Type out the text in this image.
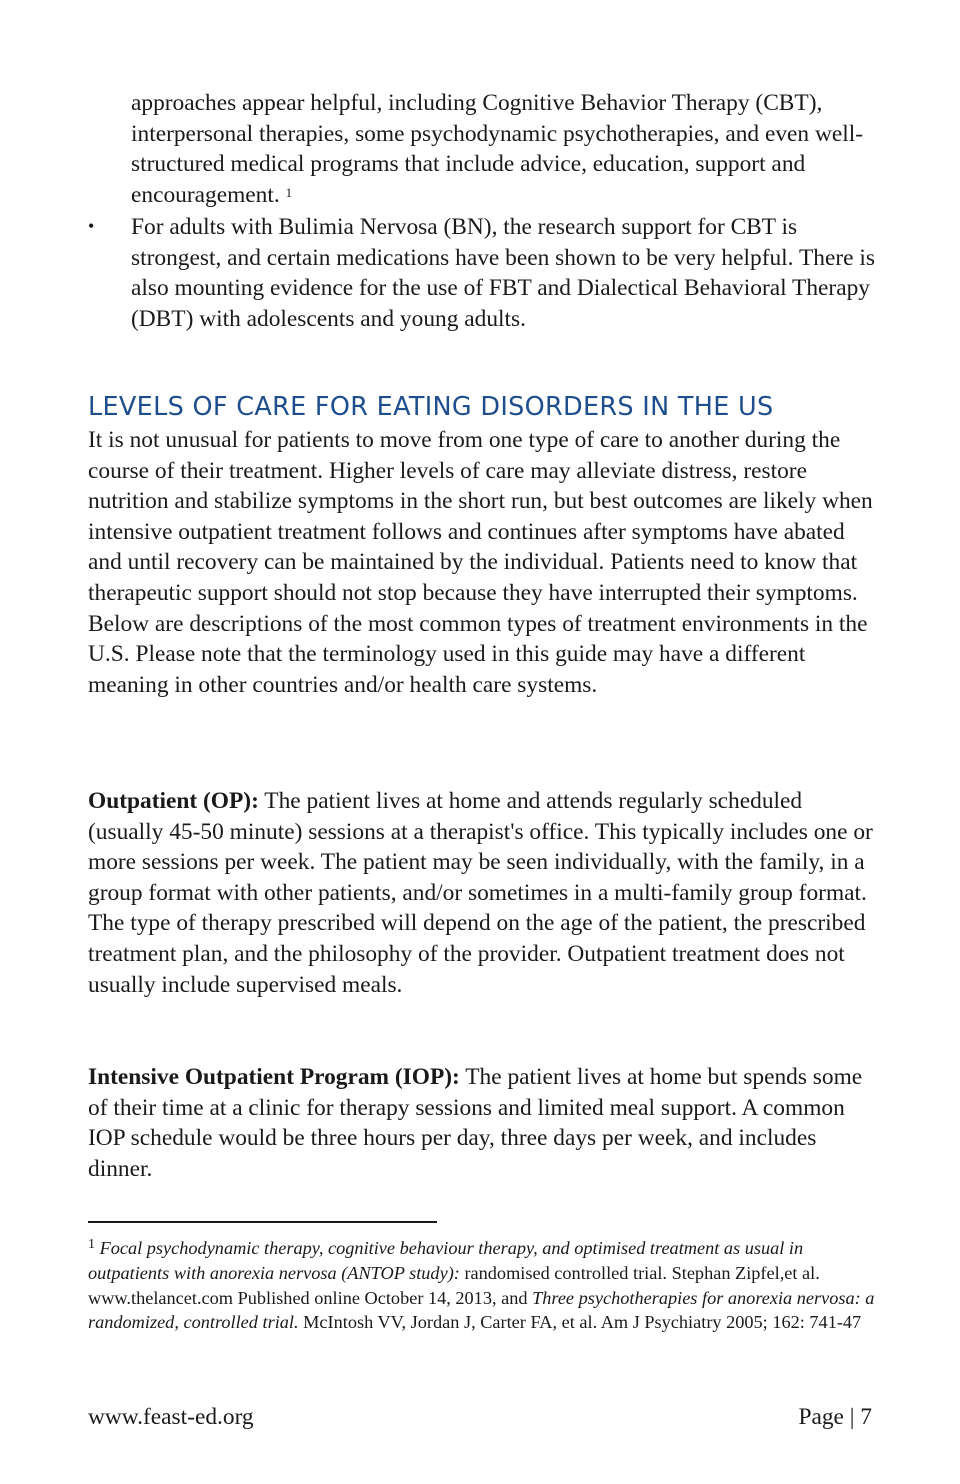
approaches appear helpful, including Cognitive Behavior Therapy (CBT), interpersonal therapies, some psychodynamic psychotherapies, and even well-structured medical programs that include advice, education, support and encouragement. $^1$

• For adults with Bulimia Nervosa (BN), the research support for CBT is strongest, and certain medications have been shown to be very helpful. There is also mounting evidence for the use of FBT and Dialectical Behavioral Therapy (DBT) with adolescents and young adults.

LEVELS OF CARE FOR EATING DISORDERS IN THE US

It is not unusual for patients to move from one type of care to another during the course of their treatment. Higher levels of care may alleviate distress, restore nutrition and stabilize symptoms in the short run, but best outcomes are likely when intensive outpatient treatment follows and continues after symptoms have abated and until recovery can be maintained by the individual. Patients need to know that therapeutic support should not stop because they have interrupted their symptoms. Below are descriptions of the most common types of treatment environments in the U.S. Please note that the terminology used in this guide may have a different meaning in other countries and/or health care systems.

Outpatient (OP): The patient lives at home and attends regularly scheduled (usually 45-50 minute) sessions at a therapist's office. This typically includes one or more sessions per week. The patient may be seen individually, with the family, in a group format with other patients, and/or sometimes in a multi-family group format. The type of therapy prescribed will depend on the age of the patient, the prescribed treatment plan, and the philosophy of the provider. Outpatient treatment does not usually include supervised meals.

Intensive Outpatient Program (IOP): The patient lives at home but spends some of their time at a clinic for therapy sessions and limited meal support. A common IOP schedule would be three hours per day, three days per week, and includes dinner.

$^1$ Focal psychodynamic therapy, cognitive behaviour therapy, and optimised treatment as usual in outpatients with anorexia nervosa (ANTOP study): randomised controlled trial. Stephan Zipfel,et al. www.thelancet.com Published online October 14, 2013, and Three psychotherapies for anorexia nervosa: a randomized, controlled trial. McIntosh VV, Jordan J, Carter FA, et al. Am J Psychiatry 2005; 162: 741‑47
www.feast-ed.org	Page | 7
